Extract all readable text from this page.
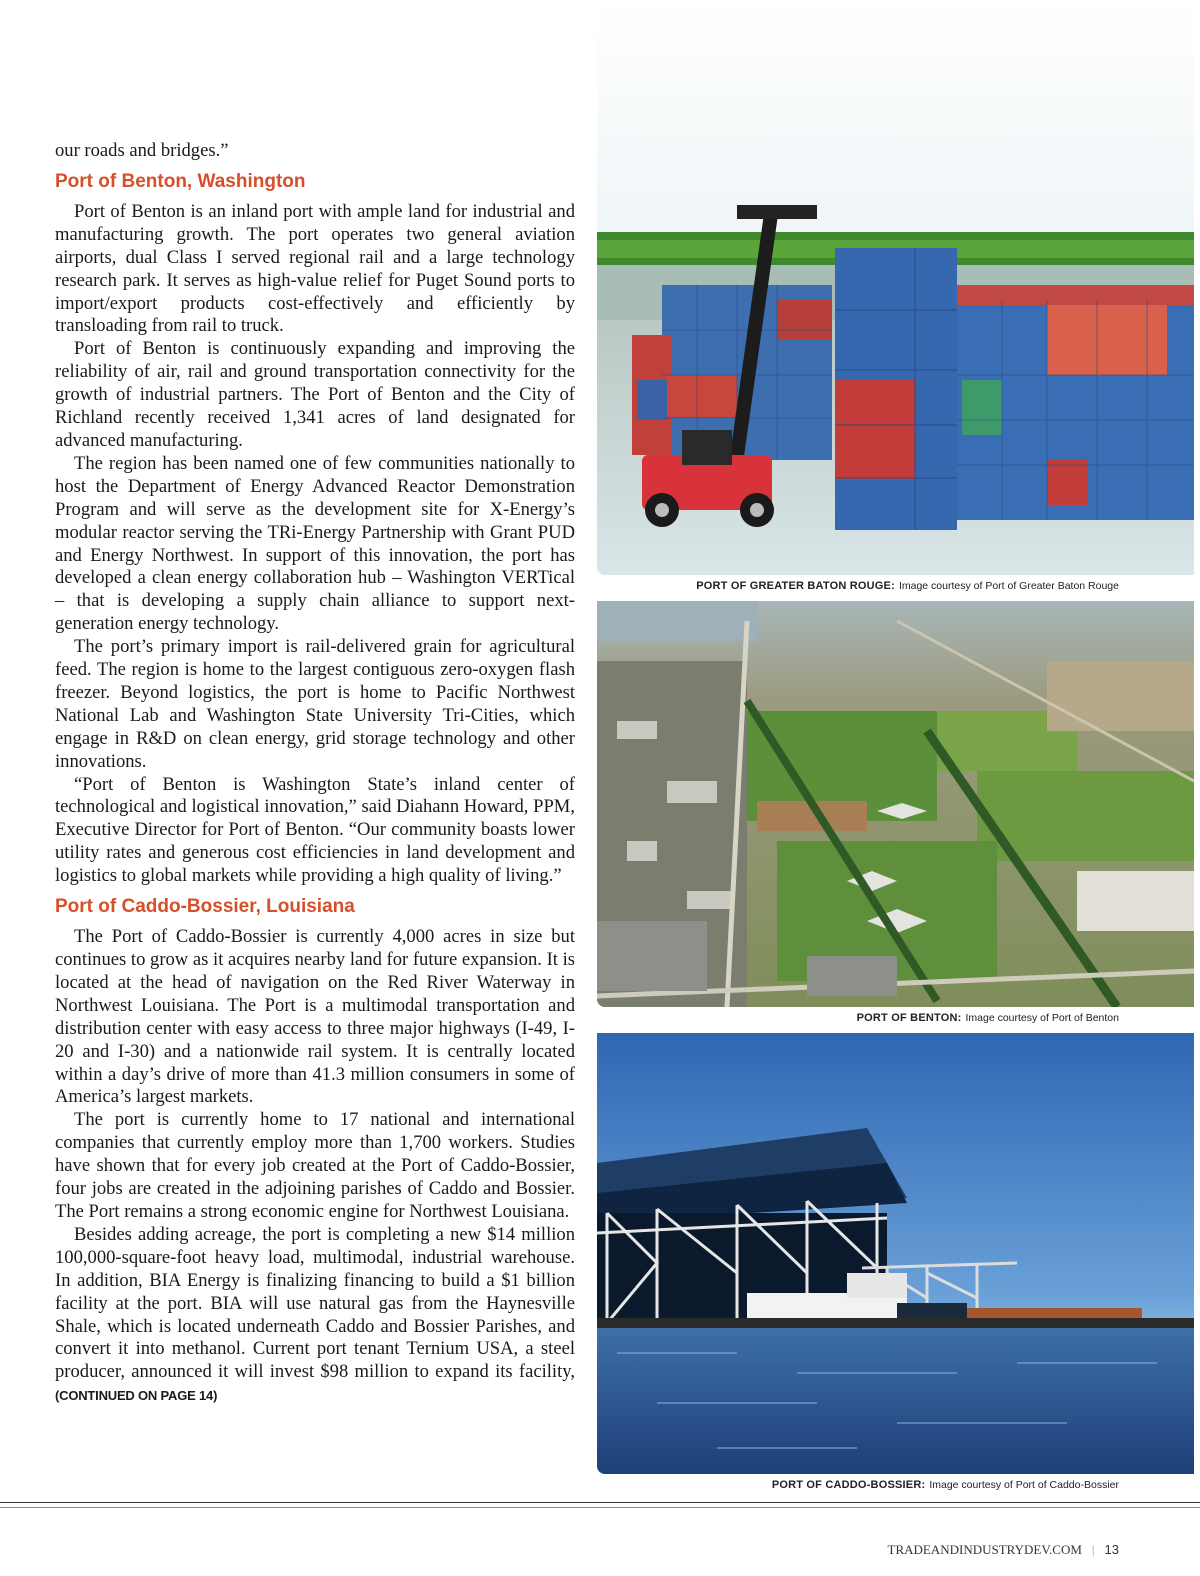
our roads and bridges.”

Port of Benton, Washington

Port of Benton is an inland port with ample land for industrial and manufacturing growth. The port operates two general aviation airports, dual Class I served regional rail and a large technology research park. It serves as high-value relief for Puget Sound ports to import/export products cost-effectively and efficiently by transloading from rail to truck.

Port of Benton is continuously expanding and improving the reliability of air, rail and ground transportation connectivity for the growth of industrial partners. The Port of Benton and the City of Richland recently received 1,341 acres of land designated for advanced manufacturing.

The region has been named one of few communities nationally to host the Department of Energy Advanced Reactor Demonstration Program and will serve as the development site for X-Energy’s modular reactor serving the TRi-Energy Partnership with Grant PUD and Energy Northwest. In support of this innovation, the port has developed a clean energy collaboration hub – Washington VERTical – that is developing a supply chain alliance to support next-generation energy technology.

The port’s primary import is rail-delivered grain for agricultural feed. The region is home to the largest contiguous zero-oxygen flash freezer. Beyond logistics, the port is home to Pacific Northwest National Lab and Washington State University Tri-Cities, which engage in R&D on clean energy, grid storage technology and other innovations.

“Port of Benton is Washington State’s inland center of technological and logistical innovation,” said Diahann Howard, PPM, Executive Director for Port of Benton. “Our community boasts lower utility rates and generous cost efficiencies in land development and logistics to global markets while providing a high quality of living.”

Port of Caddo-Bossier, Louisiana

The Port of Caddo-Bossier is currently 4,000 acres in size but continues to grow as it acquires nearby land for future expansion. It is located at the head of navigation on the Red River Waterway in Northwest Louisiana. The Port is a multimodal transportation and distribution center with easy access to three major highways (I-49, I-20 and I-30) and a nationwide rail system. It is centrally located within a day’s drive of more than 41.3 million consumers in some of America’s largest markets.

The port is currently home to 17 national and international companies that currently employ more than 1,700 workers. Studies have shown that for every job created at the Port of Caddo-Bossier, four jobs are created in the adjoining parishes of Caddo and Bossier. The Port remains a strong economic engine for Northwest Louisiana.

Besides adding acreage, the port is completing a new $14 million 100,000-square-foot heavy load, multimodal, industrial warehouse. In addition, BIA Energy is finalizing financing to build a $1 billion facility at the port. BIA will use natural gas from the Haynesville Shale, which is located underneath Caddo and Bossier Parishes, and convert it into methanol. Current port tenant Ternium USA, a steel producer, announced it will invest $98 million to expand its facility, (CONTINUED ON PAGE 14)

PORT OF GREATER BATON ROUGE: Image courtesy of Port of Greater Baton Rouge
PORT OF BENTON: Image courtesy of Port of Benton
PORT OF CADDO-BOSSIER: Image courtesy of Port of Caddo-Bossier
TRADEANDINDUSTRYDEV.COM | 13
